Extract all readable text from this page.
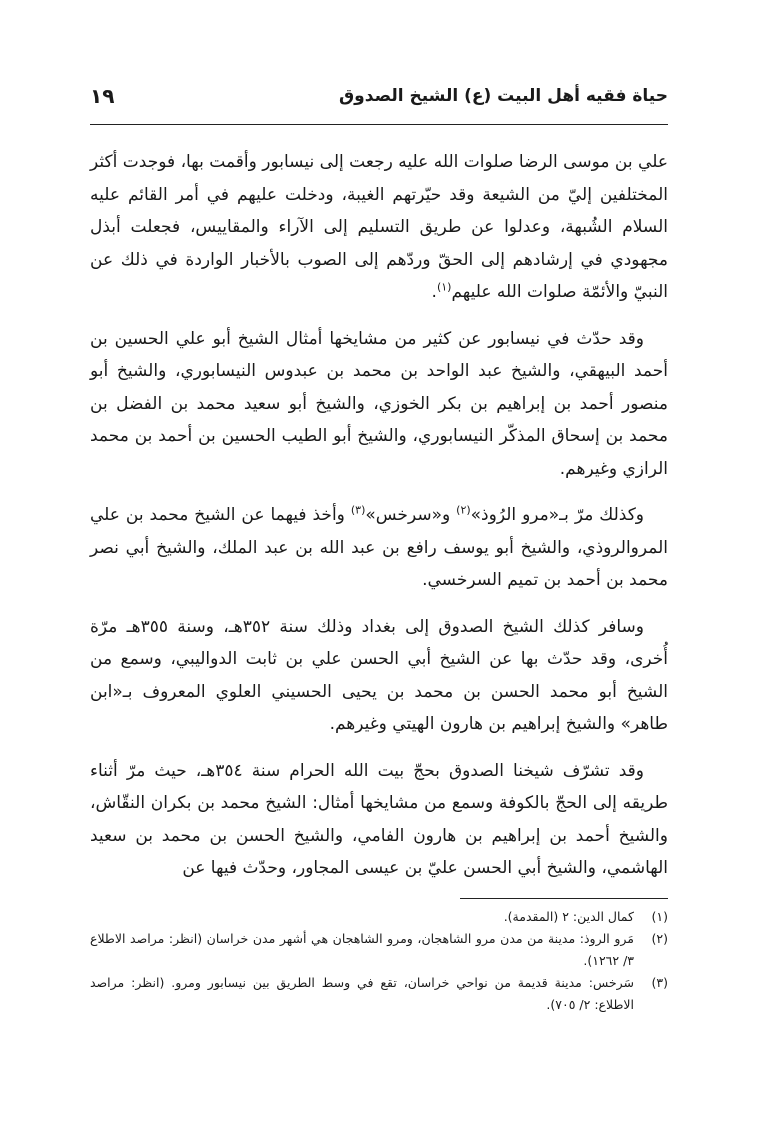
حياة فقيه أهل البيت (ع) الشيخ الصدوق
١٩

علي بن موسى الرضا صلوات الله عليه رجعت إلى نيسابور وأقمت بها، فوجدت أكثر المختلفين إليّ من الشيعة وقد حيّرتهم الغيبة، ودخلت عليهم في أمر القائم عليه السلام الشُبهة، وعدلوا عن طريق التسليم إلى الآراء والمقاييس، فجعلت أبذل مجهودي في إرشادهم إلى الحقّ وردّهم إلى الصوب بالأخبار الواردة في ذلك عن النبيّ والأئمّة صلوات الله عليهم$^{(١)}$.

وقد حدّث في نيسابور عن كثير من مشايخها أمثال الشيخ أبو علي الحسين بن أحمد البيهقي، والشيخ عبد الواحد بن محمد بن عبدوس النيسابوري، والشيخ أبو منصور أحمد بن إبراهيم بن بكر الخوزي، والشيخ أبو سعيد محمد بن الفضل بن محمد بن إسحاق المذكّر النيسابوري، والشيخ أبو الطيب الحسين بن أحمد بن محمد الرازي وغيرهم.

وكذلك مرّ بـ«مرو الرُوذ»$^{(٢)}$ و«سرخس»$^{(٣)}$ وأخذ فيهما عن الشيخ محمد بن علي المروالروذي، والشيخ أبو يوسف رافع بن عبد الله بن عبد الملك، والشيخ أبي نصر محمد بن أحمد بن تميم السرخسي.

وسافر كذلك الشيخ الصدوق إلى بغداد وذلك سنة ٣٥٢هـ، وسنة ٣٥٥هـ مرّة أُخرى، وقد حدّث بها عن الشيخ أبي الحسن علي بن ثابت الدواليبي، وسمع من الشيخ أبو محمد الحسن بن محمد بن يحيى الحسيني العلوي المعروف بـ«ابن طاهر» والشيخ إبراهيم بن هارون الهيتي وغيرهم.

وقد تشرّف شيخنا الصدوق بحجّ بيت الله الحرام سنة ٣٥٤هـ، حيث مرّ أثناء طريقه إلى الحجّ بالكوفة وسمع من مشايخها أمثال: الشيخ محمد بن بكران النقّاش، والشيخ أحمد بن إبراهيم بن هارون الفامي، والشيخ الحسن بن محمد بن سعيد الهاشمي، والشيخ أبي الحسن عليّ بن عيسى المجاور، وحدّث فيها عن

(١)
كمال الدين: ٢ (المقدمة).
(٢)
مَرو الروذ: مدينة من مدن مرو الشاهجان، ومرو الشاهجان هي أشهر مدن خراسان (انظر: مراصد الاطلاع ٣/ ١٢٦٢).
(٣)
سَرخس: مدينة قديمة من نواحي خراسان، تقع في وسط الطريق بين نيسابور ومرو. (انظر: مراصد الاطلاع: ٢/ ٧٠٥).
